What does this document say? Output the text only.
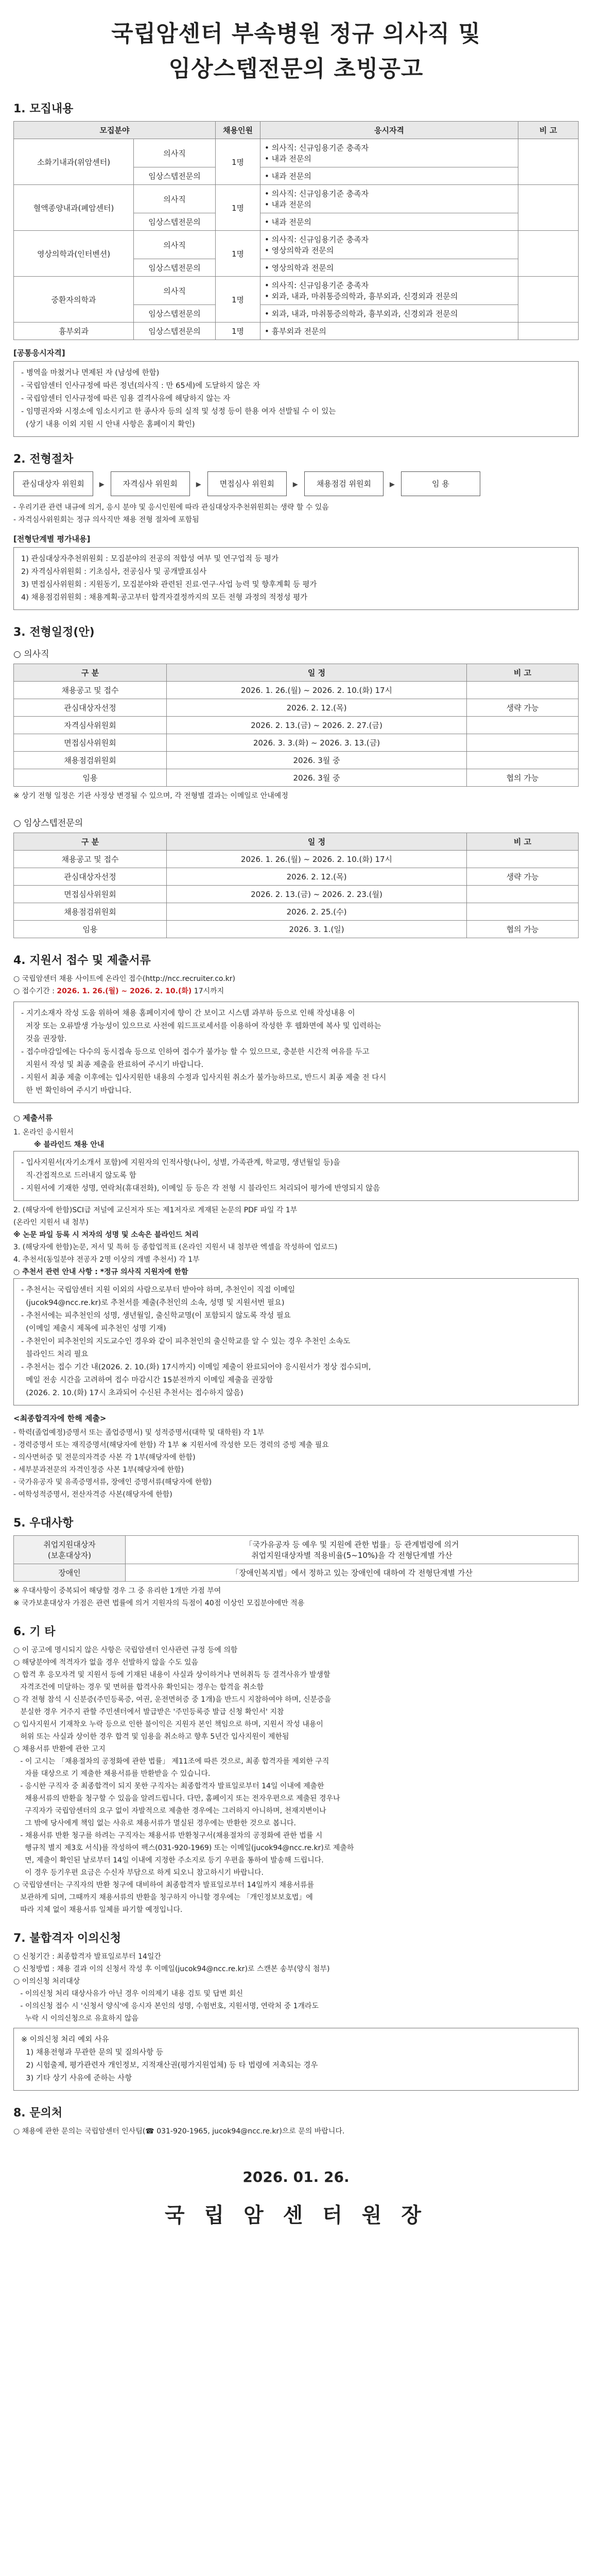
국립암센터 부속병원 정규 의사직 및
임상스텝전문의 초빙공고
1. 모집내용
모집분야		채용인원	응시자격	비 고
소화기내과(위암센터)	의사직	1명	• 의사직: 신규임용기준 충족자
• 내과 전문의	

	임상스텝전문의		• 내과 전문의	

혈액종양내과(폐암센터)	의사직	1명	• 의사직: 신규임용기준 충족자
• 내과 전문의	

	임상스텝전문의		• 내과 전문의	

영상의학과(인터벤션)	의사직	1명	• 의사직: 신규임용기준 충족자
• 영상의학과 전문의	

	임상스텝전문의		• 영상의학과 전문의	

중환자의학과	의사직	1명	• 의사직: 신규임용기준 충족자
• 외과, 내과, 마취통증의학과, 흉부외과, 신경외과 전문의	

	임상스텝전문의		• 외과, 내과, 마취통증의학과, 흉부외과, 신경외과 전문의	

흉부외과	임상스텝전문의	1명	• 흉부외과 전문의	

[공통응시자격]
- 병역을 마쳤거나 면제된 자 (남성에 한함)
- 국립암센터 인사규정에 따른 정년(의사직 : 만 65세)에 도달하지 않은 자
- 국립암센터 인사규정에 따른 임용 결격사유에 해당하지 않는 자
- 임명권자와 시정소에 임소시키고 한 종사자 등의 실적 및 성정 등이 한용 여자 선발될 수 이 있는
(상기 내용 이외 지원 시 안내 사항은 홈페이지 확인)
2. 전형절차
관심대상자 위원회	▸	자격심사 위원회	▸	면접심사 위원회	▸	채용점검 위원회	▸	임 용
- 우리기관 관련 내규에 의거, 응시 분야 및 응시인원에 따라 관심대상자추천위원회는 생략 할 수 있음
- 자격심사위원회는 정규 의사직만 채용 전형 절차에 포함됨
[전형단계별 평가내용]
1) 관심대상자추천위원회 : 모집분야의 전공의 적합성 여부 및 연구업적 등 평가
2) 자격심사위원회 : 기초심사, 전공심사 및 공개발표심사
3) 면접심사위원회 : 지원동기, 모집분야와 관련된 진료·연구·사업 능력 및 향후계획 등 평가
4) 채용점검위원회 : 채용계획·공고부터 합격자결정까지의 모든 전형 과정의 적정성 평가
3. 전형일정(안)
○ 의사직
구 분	일 정	비 고
채용공고 및 접수	2026. 1. 26.(월) ~ 2026. 2. 10.(화) 17시	
관심대상자선정	2026. 2. 12.(목)	생략 가능
자격심사위원회	2026. 2. 13.(금) ~ 2026. 2. 27.(금)	
면접심사위원회	2026. 3. 3.(화) ~ 2026. 3. 13.(금)	
채용점검위원회	2026. 3월 중	
임용	2026. 3월 중	협의 가능
※ 상기 전형 일정은 기관 사정상 변경될 수 있으며, 각 전형별 결과는 이메일로 안내예정
○ 임상스텝전문의
구 분	일 정	비 고
채용공고 및 접수	2026. 1. 26.(월) ~ 2026. 2. 10.(화) 17시	
관심대상자선정	2026. 2. 12.(목)	생략 가능
면접심사위원회	2026. 2. 13.(금) ~ 2026. 2. 23.(월)	
채용점검위원회	2026. 2. 25.(수)	
임용	2026. 3. 1.(일)	협의 가능
4. 지원서 접수 및 제출서류
○ 국립암센터 채용 사이트에 온라인 접수(http://ncc.recruiter.co.kr)
○ 접수기간 : 2026. 1. 26.(월) ~ 2026. 2. 10.(화) 17시까지
- 지기소재자 작성 도움 위하여 채용 홈페이지에 향이 간 보이고 시스템 과부하 등으로 인해 작성내용 이
저장 또는 오류발생 가능성이 있으므로 사전에 워드프로세서를 이용하여 작성한 후 웹화면에 복사 및 입력하는
것을 권장함.
- 접수마감일에는 다수의 동시접속 등으로 인하여 접수가 불가능 할 수 있으므로, 충분한 시간적 여유를 두고
지원서 작성 및 최종 제출을 완료하여 주시기 바랍니다.
- 지원서 최종 제출 이후에는 입사지원한 내용의 수정과 입사지원 취소가 불가능하므로, 반드시 최종 제출 전 다시
한 번 확인하여 주시기 바랍니다.
○ 제출서류
1. 온라인 응시원서
※ 블라인드 채용 안내
- 입사지원서(자기소개서 포함)에 지원자의 인적사항(나이, 성별, 가족관계, 학교명, 생년월일 등)을
직·간접적으로 드러내지 않도록 함
- 지원서에 기재한 성명, 연락처(휴대전화), 이메일 등 등은 각 전형 시 블라인드 처리되어 평가에 반영되지 않음
2. (해당자에 한함)SCI급 저널에 교신저자 또는 제1저자로 게재된 논문의 PDF 파일 각 1부
(온라인 지원서 내 첨부)
※ 논문 파일 등록 시 저자의 성명 및 소속은 블라인드 처리
3. (해당자에 한함)논문, 저서 및 특허 등 종합업적표 (온라인 지원서 내 첨부란 엑셀을 작성하여 업로드)
4. 추천서(동일분야 전공자 2명 이상의 개별 추천서) 각 1부
○ 추천서 관련 안내 사항 : *정규 의사직 지원자에 한함
- 추천서는 국립암센터 지원 이외의 사람으로부터 받아야 하며, 추천인이 직접 이메일
(jucok94@ncc.re.kr)로 추천서를 제출(추천인의 소속, 성명 및 지원서번 필요)
- 추천서에는 피추천인의 성명, 생년월일, 출신학교명(이 포함되지 않도록 작성 필요
(이메일 제출시 제목에 피추천인 성명 기재)
- 추천인이 피추천인의 지도교수인 경우와 같이 피추천인의 출신학교를 알 수 있는 경우 추천인 소속도
블라인드 처리 필요
- 추천서는 접수 기간 내(2026. 2. 10.(화) 17시까지) 이메일 제출이 완료되어야 응시원서가 정상 접수되며,
메일 전송 시간을 고려하여 접수 마감시간 15분전까지 이메일 제출을 권장함
(2026. 2. 10.(화) 17시 초과되어 수신된 추천서는 접수하지 않음)
<최종합격자에 한해 제출>
- 학력(졸업예정)증명서 또는 졸업증명서) 및 성적증명서(대학 및 대학원) 각 1부
- 경력증명서 또는 재직증명서(해당자에 한함) 각 1부 ※ 지원서에 작성한 모든 경력의 증빙 제출 필요
- 의사면허증 및 전문의자격증 사본 각 1부(해당자에 한함)
- 세부분과전문의 자격인정증 사본 1부(해당자에 한함)
- 국가유공자 및 유족증명서류, 장애인 증명서류(해당자에 한함)
- 여학성적증명서, 전산자격증 사본(해당자에 한함)
5. 우대사항
취업지원대상자
(보훈대상자)	「국가유공자 등 예우 및 지원에 관한 법률」등 관계법령에 의거
취업지원대상자별 적용비율(5~10%)을 각 전형단계별 가산
장애인	「장애인복지법」에서 정하고 있는 장애인에 대하여 각 전형단계별 가산
※ 우대사항이 중복되어 해당할 경우 그 중 유리한 1개만 가점 부여
※ 국가보훈대상자 가점은 관련 법률에 의거 지원자의 득점이 40점 이상인 모집분야에만 적용
6. 기 타
○ 이 공고에 명시되지 않은 사항은 국립암센터 인사관련 규정 등에 의함
○ 해당분야에 적격자가 없을 경우 선발하지 않을 수도 있음
○ 합격 후 응모자격 및 지원서 등에 기재된 내용이 사실과 상이하거나 면허취득 등 결격사유가 발생할
자격조건에 미달하는 경우 및 면허를 합격사유 확인되는 경우는 합격을 취소함
○ 각 전형 참석 시 신분증(주민등록증, 여권, 운전면허증 중 1개)을 반드시 지참하여야 하며, 신분증을
분실한 경우 거주지 관할 주민센터에서 발급받은 '주민등록증 발급 신청 확인서' 지참
○ 입사지원서 기재착오 누락 등으로 인한 불이익은 지원자 본인 책임으로 하며, 지원서 작성 내용이
허위 또는 사실과 상이한 경우 합격 및 임용을 취소하고 향후 5년간 입사지원이 제한됨
○ 채용서류 반환에 관한 고지
- 이 고시는 「채용절차의 공정화에 관한 법률」 제11조에 따른 것으로, 최종 합격자를 제외한 구직
자를 대상으로 기 제출한 채용서류를 반환받을 수 있습니다.
- 응시한 구직자 중 최종합격이 되지 못한 구직자는 최종합격자 발표일로부터 14일 이내에 제출한
채용서류의 반환을 청구할 수 있음을 알려드립니다. 다만, 홈페이지 또는 전자우편으로 제출된 경우나
구직자가 국립암센터의 요구 없이 자발적으로 제출한 경우에는 그러하지 아니하며, 천재지변이나
그 밖에 당사에게 책임 없는 사유로 채용서류가 멸실된 경우에는 반환한 것으로 봅니다.
- 채용서류 반환 청구를 하려는 구직자는 채용서류 반환청구서(채용절차의 공정화에 관한 법률 시
행규칙 별지 제3호 서식)를 작성하여 팩스(031-920-1969) 또는 이메일(jucok94@ncc.re.kr)로 제출하
면, 제출이 확인된 날로부터 14일 이내에 지정한 주소지로 등기 우편을 통하여 발송해 드립니다.
이 경우 등기우편 요금은 수신자 부담으로 하게 되오니 참고하시기 바랍니다.
○ 국립암센터는 구직자의 반환 청구에 대비하여 최종합격자 발표일로부터 14일까지 채용서류를
보관하게 되며, 그때까지 채용서류의 반환을 청구하지 아니할 경우에는 「개인정보보호법」에
따라 지체 없이 채용서류 일체를 파기할 예정입니다.
7. 불합격자 이의신청
○ 신청기간 : 최종합격자 발표일로부터 14일간
○ 신청방법 : 채용 결과 이의 신청서 작성 후 이메일(jucok94@ncc.re.kr)로 스캔본 송부(양식 첨부)
○ 이의신청 처리대상
- 이의신청 처리 대상사유가 아닌 경우 이의제기 내용 검토 및 답변 회신
- 이의신청 접수 시 '신청서 양식'에 응시자 본인의 성명, 수험번호, 지원서명, 연락처 중 1개라도
누락 시 이의신청으로 유효하지 않음
※ 이의신청 처리 예외 사유
1) 채용전형과 무관한 문의 및 질의사항 등
2) 시험출제, 평가관련자 개인정보, 지적재산권(평가지원업체) 등 타 법령에 저촉되는 경우
3) 기타 상기 사유에 준하는 사항
8. 문의처
○ 채용에 관한 문의는 국립암센터 인사팀(☎ 031-920-1965, jucok94@ncc.re.kr)으로 문의 바랍니다.
2026. 01. 26.
국 립 암 센 터 원 장
